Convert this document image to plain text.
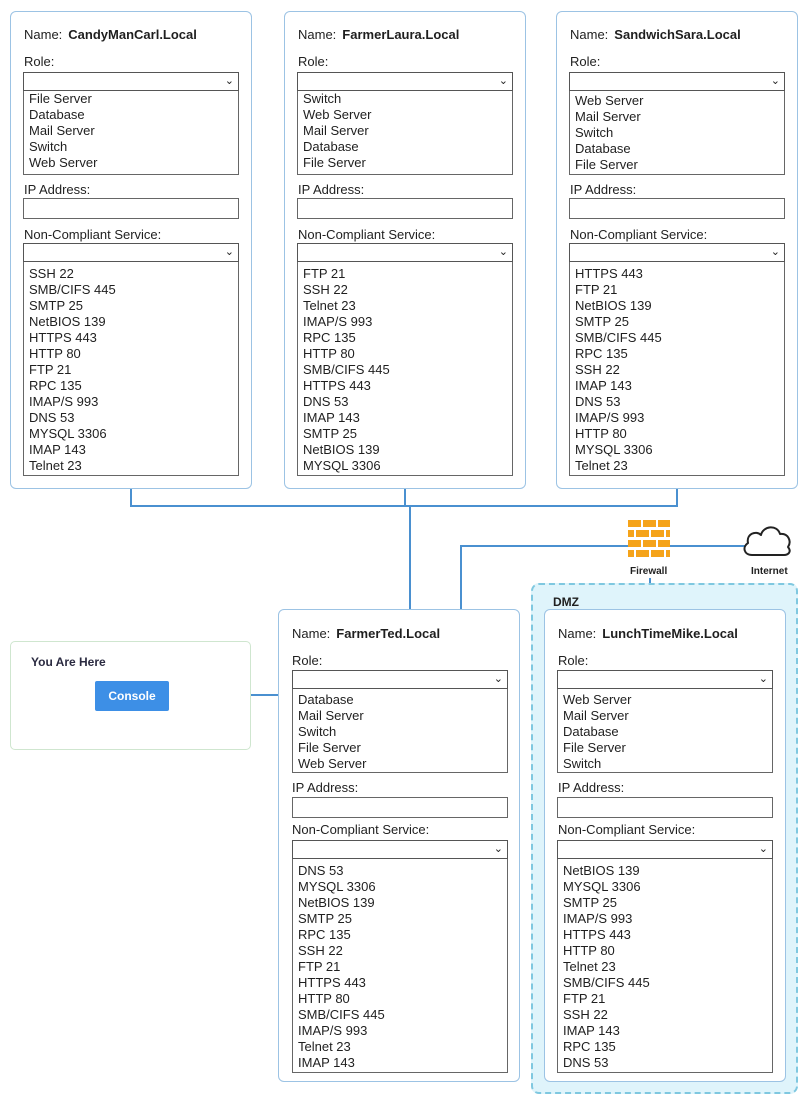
DMZ
Firewall	Internet
You Are Here
Console
Name: CandyManCarl.Local
Role:
⌄
File Server
Database
Mail Server
Switch
Web Server
IP Address:
Non-Compliant Service:
⌄
SSH 22
SMB/CIFS 445
SMTP 25
NetBIOS 139
HTTPS 443
HTTP 80
FTP 21
RPC 135
IMAP/S 993
DNS 53
MYSQL 3306
IMAP 143
Telnet 23
Name: FarmerLaura.Local
Role:
⌄
Switch
Web Server
Mail Server
Database
File Server
IP Address:
Non-Compliant Service:
⌄
FTP 21
SSH 22
Telnet 23
IMAP/S 993
RPC 135
HTTP 80
SMB/CIFS 445
HTTPS 443
DNS 53
IMAP 143
SMTP 25
NetBIOS 139
MYSQL 3306
Name: SandwichSara.Local
Role:
⌄
Web Server
Mail Server
Switch
Database
File Server
IP Address:
Non-Compliant Service:
⌄
HTTPS 443
FTP 21
NetBIOS 139
SMTP 25
SMB/CIFS 445
RPC 135
SSH 22
IMAP 143
DNS 53
IMAP/S 993
HTTP 80
MYSQL 3306
Telnet 23
Name: FarmerTed.Local
Role:
⌄
Database
Mail Server
Switch
File Server
Web Server
IP Address:
Non-Compliant Service:
⌄
DNS 53
MYSQL 3306
NetBIOS 139
SMTP 25
RPC 135
SSH 22
FTP 21
HTTPS 443
HTTP 80
SMB/CIFS 445
IMAP/S 993
Telnet 23
IMAP 143
Name: LunchTimeMike.Local
Role:
⌄
Web Server
Mail Server
Database
File Server
Switch
IP Address:
Non-Compliant Service:
⌄
NetBIOS 139
MYSQL 3306
SMTP 25
IMAP/S 993
HTTPS 443
HTTP 80
Telnet 23
SMB/CIFS 445
FTP 21
SSH 22
IMAP 143
RPC 135
DNS 53
